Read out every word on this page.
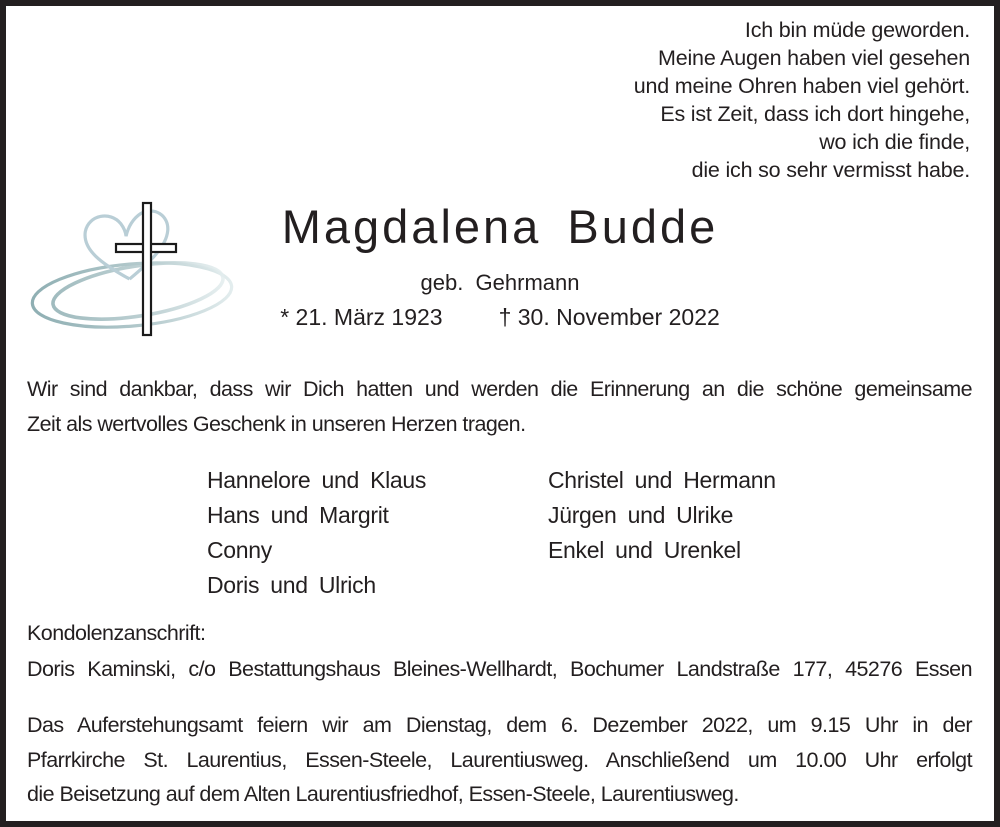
Ich bin müde geworden.
Meine Augen haben viel gesehen
und meine Ohren haben viel gehört.
Es ist Zeit, dass ich dort hingehe,
wo ich die finde,
die ich so sehr vermisst habe.
Magdalena Budde
geb.  Gehrmann
* 21. März 1923 † 30. November 2022
Wir sind dankbar, dass wir Dich hatten und werden die Erinnerung an die schöne gemeinsame
Zeit als wertvolles Geschenk in unseren Herzen tragen.
Hannelore und Klaus
Hans und Margrit
Conny
Doris und Ulrich
Christel und Hermann
Jürgen und Ulrike
Enkel und Urenkel
Kondolenzanschrift:
Doris Kaminski, c/o Bestattungshaus Bleines-Wellhardt, Bochumer Landstraße 177, 45276 Essen
Das Auferstehungsamt feiern wir am Dienstag, dem 6. Dezember 2022, um 9.15 Uhr in der
Pfarrkirche St. Laurentius, Essen-Steele, Laurentiusweg. Anschließend um 10.00 Uhr erfolgt
die Beisetzung auf dem Alten Laurentiusfriedhof, Essen-Steele, Laurentiusweg.
